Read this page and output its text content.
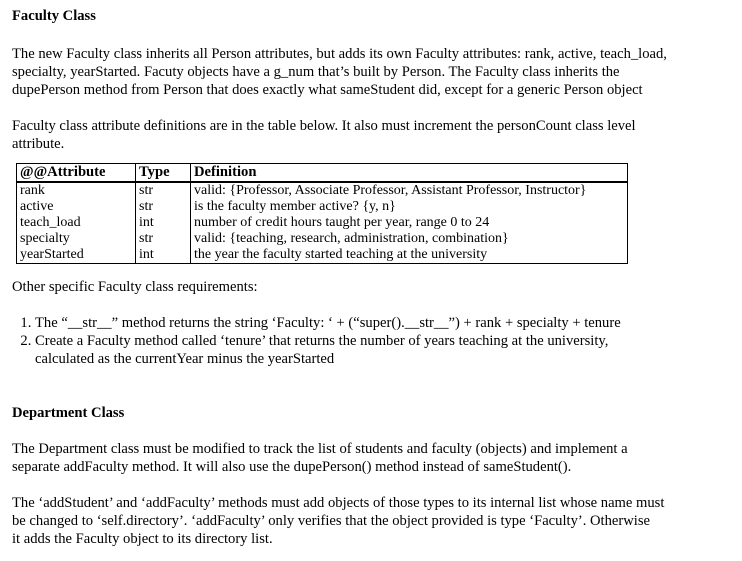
Faculty Class

The new Faculty class inherits all Person attributes, but adds its own Faculty attributes: rank, active, teach_load,
specialty, yearStarted. Facuty objects have a g_num that’s built by Person. The Faculty class inherits the
dupePerson method from Person that does exactly what sameStudent did, except for a generic Person object

Faculty class attribute definitions are in the table below. It also must increment the personCount class level
attribute.

@@Attribute	Type	Definition
rank	str	valid: {Professor, Associate Professor, Assistant Professor, Instructor}
active	str	is the faculty member active? {y, n}
teach_load	int	number of credit hours taught per year, range 0 to 24
specialty	str	valid: {teaching, research, administration, combination}
yearStarted	int	the year the faculty started teaching at the university

Other specific Faculty class requirements:

1. The “__str__” method returns the string ‘Faculty: ‘ + (“super().__str__”) + rank + specialty + tenure
2. Create a Faculty method called ‘tenure’ that returns the number of years teaching at the university,
calculated as the currentYear minus the yearStarted
Department Class

The Department class must be modified to track the list of students and faculty (objects) and implement a
separate addFaculty method. It will also use the dupePerson() method instead of sameStudent().

The ‘addStudent’ and ‘addFaculty’ methods must add objects of those types to its internal list whose name must
be changed to ‘self.directory’. ‘addFaculty’ only verifies that the object provided is type ‘Faculty’. Otherwise
it adds the Faculty object to its directory list.
